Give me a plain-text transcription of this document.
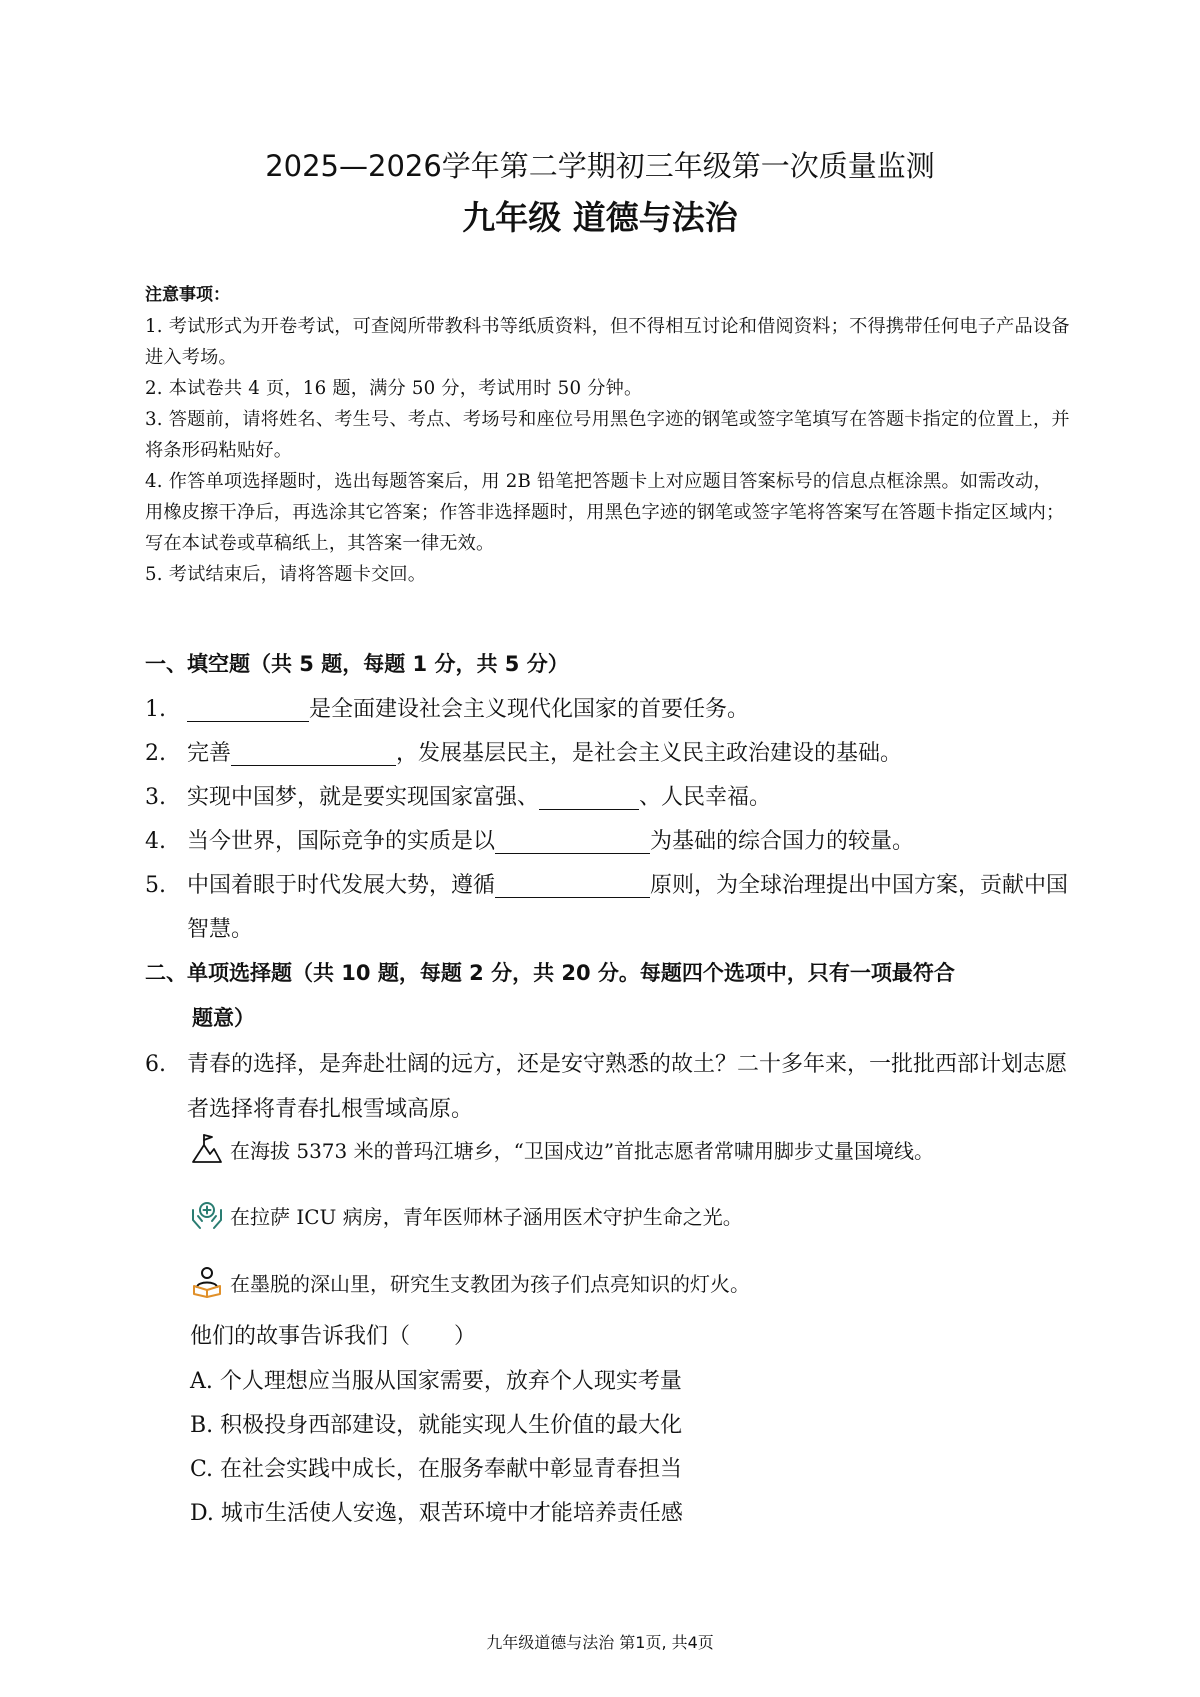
2025—2026学年第二学期初三年级第一次质量监测
九年级 道德与法治
注意事项：

1. 考试形式为开卷考试，可查阅所带教科书等纸质资料，但不得相互讨论和借阅资料；不得携带任何电子产品设备进入考场。

2. 本试卷共 4 页，16 题，满分 50 分，考试用时 50 分钟。

3. 答题前，请将姓名、考生号、考点、考场号和座位号用黑色字迹的钢笔或签字笔填写在答题卡指定的位置上，并将条形码粘贴好。

4. 作答单项选择题时，选出每题答案后，用 2B 铅笔把答题卡上对应题目答案标号的信息点框涂黑。如需改动，用橡皮擦干净后，再选涂其它答案；作答非选择题时，用黑色字迹的钢笔或签字笔将答案写在答题卡指定区域内；写在本试卷或草稿纸上，其答案一律无效。

5. 考试结束后，请将答题卡交回。

一、填空题（共 5 题，每题 1 分，共 5 分）
1.	是全面建设社会主义现代化国家的首要任务。
2. 完善	，发展基层民主，是社会主义民主政治建设的基础。
3. 实现中国梦，就是要实现国家富强、	、人民幸福。
4. 当今世界，国际竞争的实质是以	为基础的综合国力的较量。
5. 中国着眼于时代发展大势，遵循	原则，为全球治理提出中国方案，贡献中国智慧。
二、单项选择题（共 10 题，每题 2 分，共 20 分。每题四个选项中，只有一项最符合
题意）
6. 青春的选择，是奔赴壮阔的远方，还是安守熟悉的故土？二十多年来，一批批西部计划志愿者选择将青春扎根雪域高原。
在海拔 5373 米的普玛江塘乡，“卫国戍边”首批志愿者常啸用脚步丈量国境线。
在拉萨 ICU 病房，青年医师林子涵用医术守护生命之光。
在墨脱的深山里，研究生支教团为孩子们点亮知识的灯火。
他们的故事告诉我们（　　）
A. 个人理想应当服从国家需要，放弃个人现实考量
B. 积极投身西部建设，就能实现人生价值的最大化
C. 在社会实践中成长，在服务奉献中彰显青春担当
D. 城市生活使人安逸，艰苦环境中才能培养责任感
九年级道德与法治 第1页, 共4页
